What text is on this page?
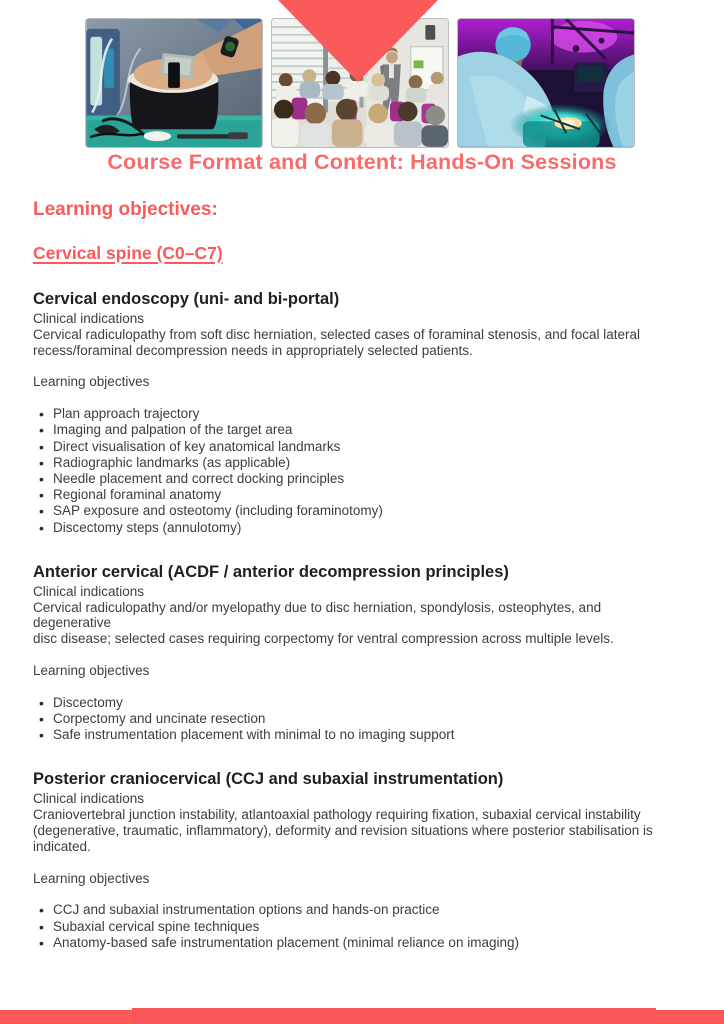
Course Format and Content: Hands-On Sessions
Learning objectives:
Cervical spine (C0–C7)
Cervical endoscopy (uni- and bi-portal)
Clinical indications
Cervical radiculopathy from soft disc herniation, selected cases of foraminal stenosis, and focal lateral
recess/foraminal decompression needs in appropriately selected patients.
Learning objectives
• Plan approach trajectory
• Imaging and palpation of the target area
• Direct visualisation of key anatomical landmarks
• Radiographic landmarks (as applicable)
• Needle placement and correct docking principles
• Regional foraminal anatomy
• SAP exposure and osteotomy (including foraminotomy)
• Discectomy steps (annulotomy)
Anterior cervical (ACDF / anterior decompression principles)
Clinical indications
Cervical radiculopathy and/or myelopathy due to disc herniation, spondylosis, osteophytes, and degenerative
disc disease; selected cases requiring corpectomy for ventral compression across multiple levels.
Learning objectives
• Discectomy
• Corpectomy and uncinate resection
• Safe instrumentation placement with minimal to no imaging support
Posterior craniocervical (CCJ and subaxial instrumentation)
Clinical indications
Craniovertebral junction instability, atlantoaxial pathology requiring fixation, subaxial cervical instability
(degenerative, traumatic, inflammatory), deformity and revision situations where posterior stabilisation is
indicated.
Learning objectives
• CCJ and subaxial instrumentation options and hands-on practice
• Subaxial cervical spine techniques
• Anatomy-based safe instrumentation placement (minimal reliance on imaging)
